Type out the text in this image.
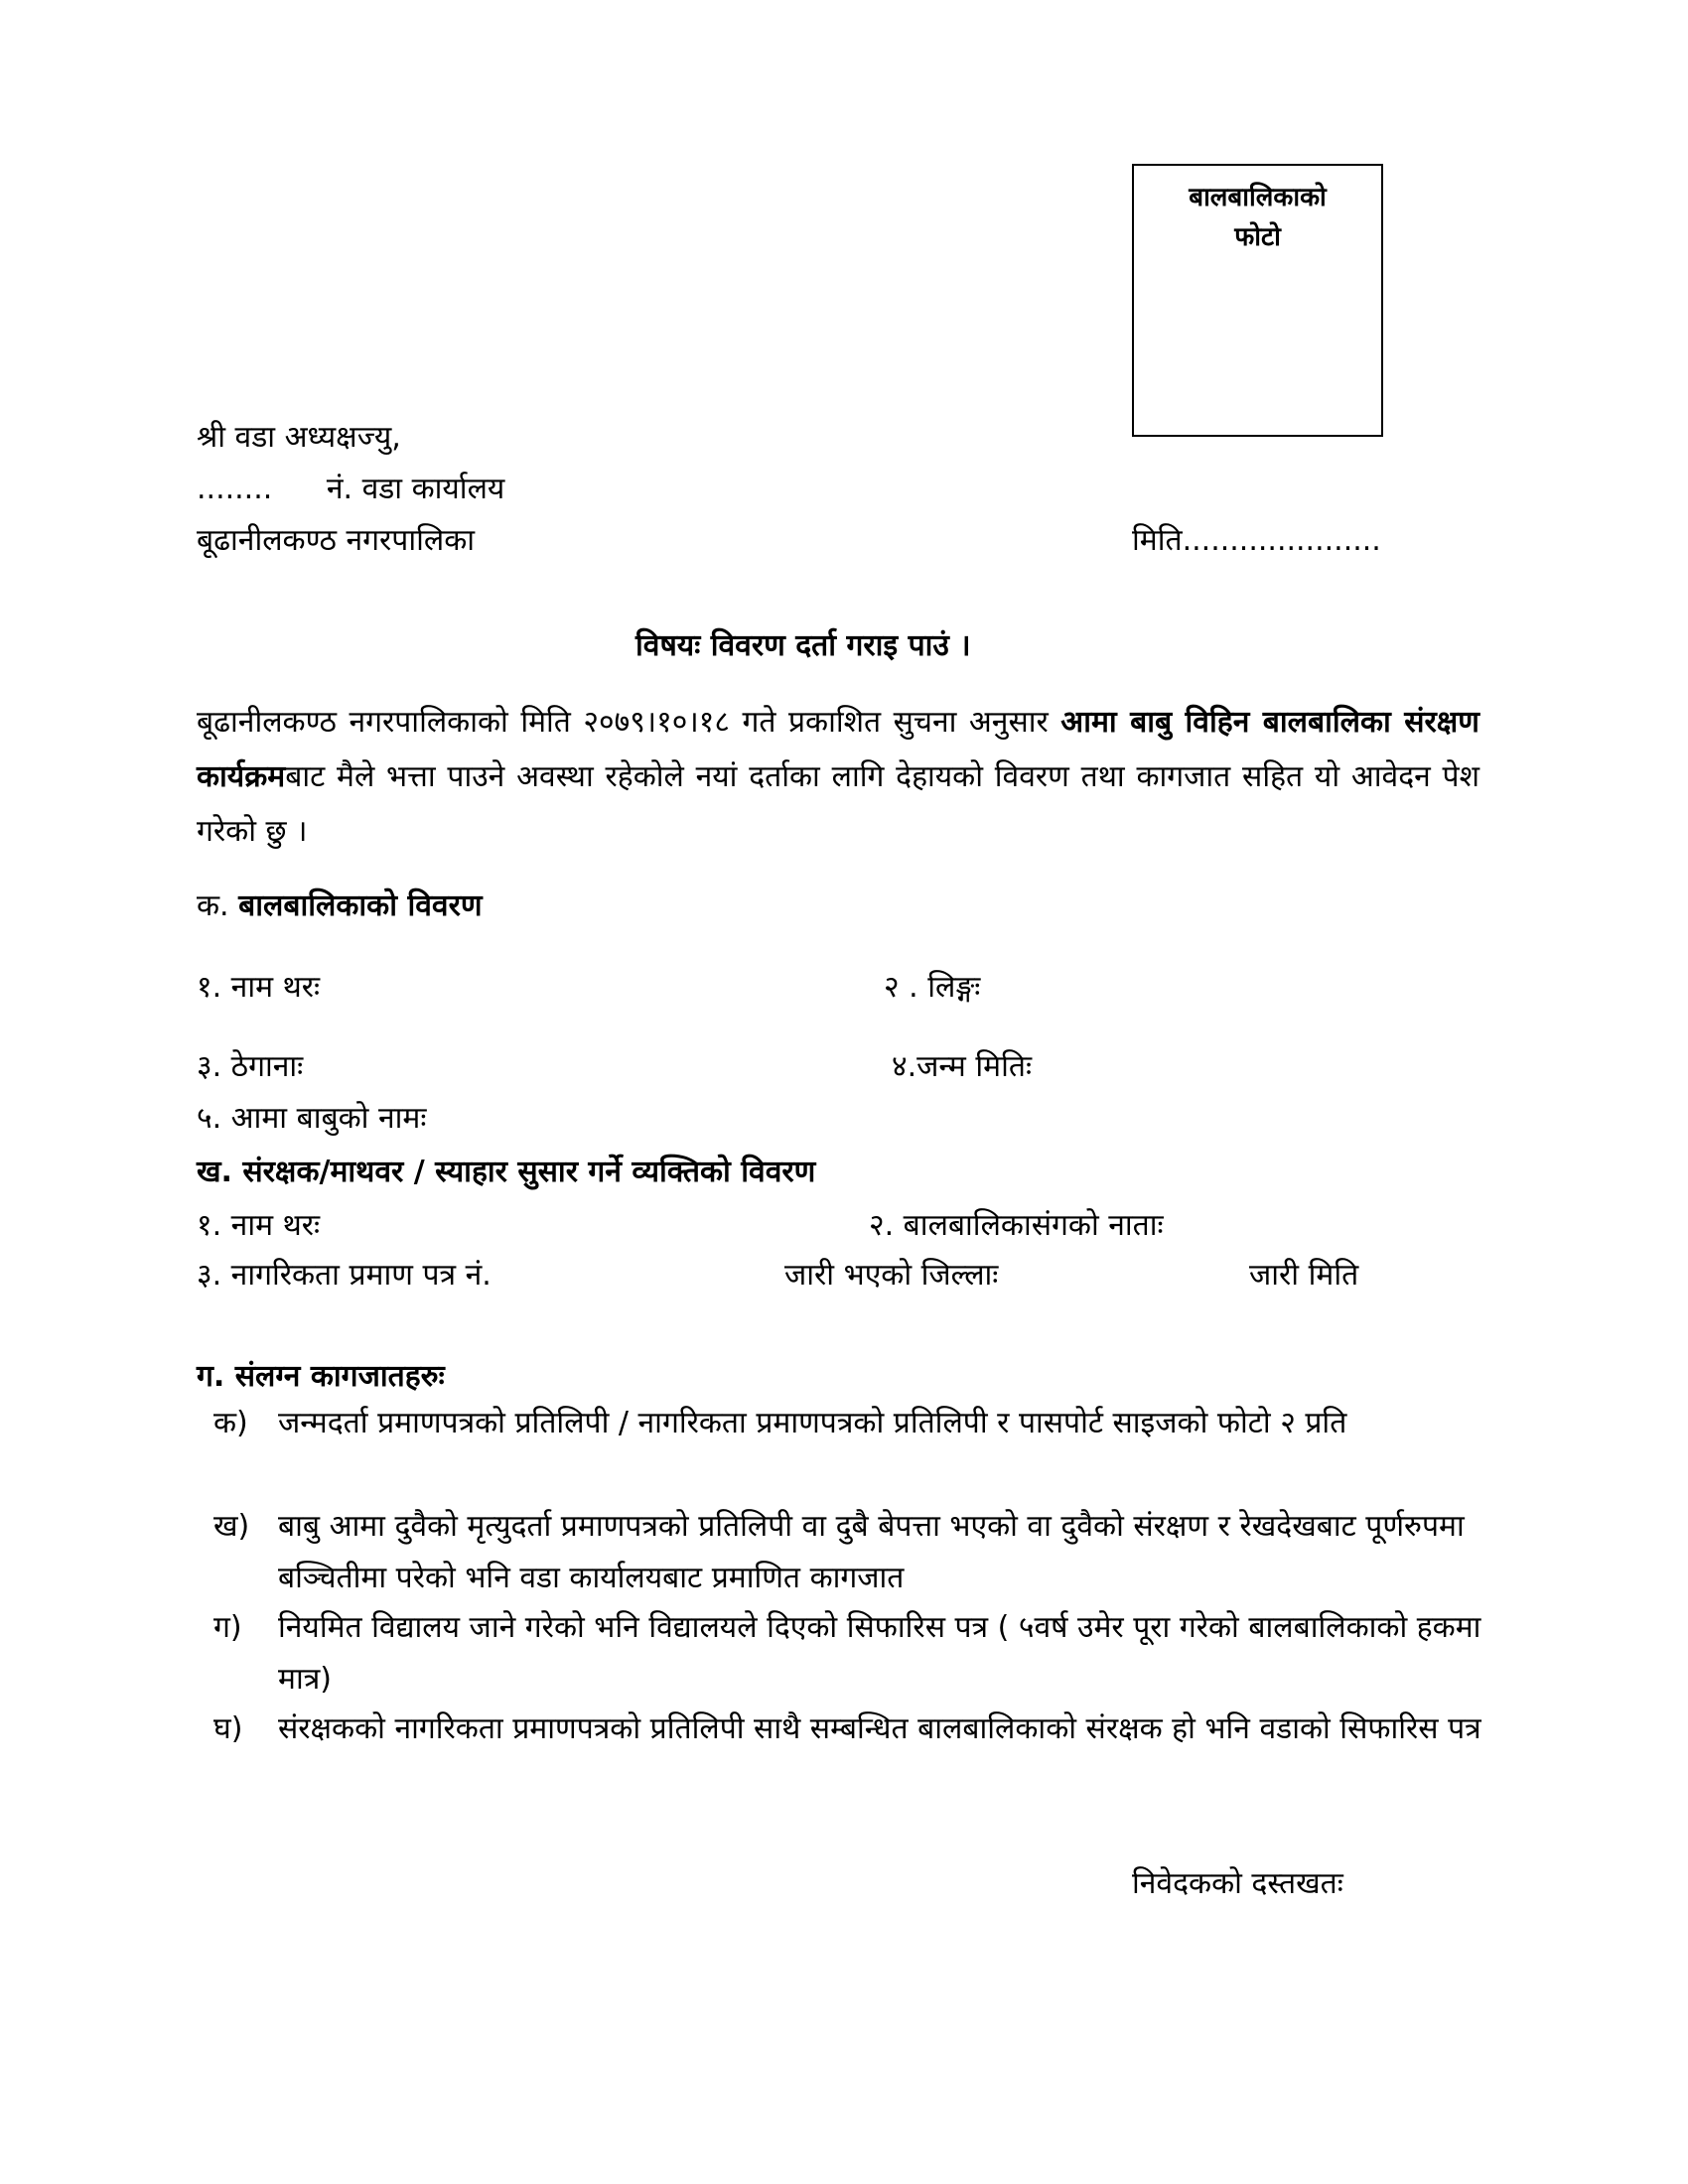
बालबालिकाको
फोटो
श्री वडा अध्यक्षज्यु,
........ नं. वडा कार्यालय
बूढानीलकण्ठ नगरपालिका	मिति.....................
विषयः विवरण दर्ता गराइ पाउं ।
बूढानीलकण्ठ नगरपालिकाको मिति २०७९।१०।१८ गते प्रकाशित सुचना अनुसार आमा बाबु विहिन बालबालिका संरक्षण कार्यक्रमबाट मैले भत्ता पाउने अवस्था रहेकोले नयां दर्ताका लागि देहायको विवरण तथा कागजात सहित यो आवेदन पेश गरेको छु ।
क. बालबालिकाको विवरण
१. नाम थरः	२ . लिङ्गः
३. ठेगानाः	४.जन्म मितिः
५. आमा बाबुको नामः
ख. संरक्षक/माथवर / स्याहार सुसार गर्ने व्यक्तिको विवरण
१. नाम थरः	२. बालबालिकासंगको नाताः
३. नागरिकता प्रमाण पत्र नं.	जारी भएको जिल्लाः	जारी मिति
ग. संलग्न कागजातहरुः
क) जन्मदर्ता प्रमाणपत्रको प्रतिलिपी / नागरिकता प्रमाणपत्रको प्रतिलिपी र पासपोर्ट साइजको फोटो २ प्रति
ख) बाबु आमा दुवैको मृत्युदर्ता प्रमाणपत्रको प्रतिलिपी वा दुबै बेपत्ता भएको वा दुवैको संरक्षण र रेखदेखबाट पूर्णरुपमा बञ्चितीमा परेको भनि वडा कार्यालयबाट प्रमाणित कागजात
ग) नियमित विद्यालय जाने गरेको भनि विद्यालयले दिएको सिफारिस पत्र ( ५वर्ष उमेर पूरा गरेको बालबालिकाको हकमा मात्र)
घ) संरक्षकको नागरिकता प्रमाणपत्रको प्रतिलिपी साथै सम्बन्धित बालबालिकाको संरक्षक हो भनि वडाको सिफारिस पत्र
निवेदकको दस्तखतः
